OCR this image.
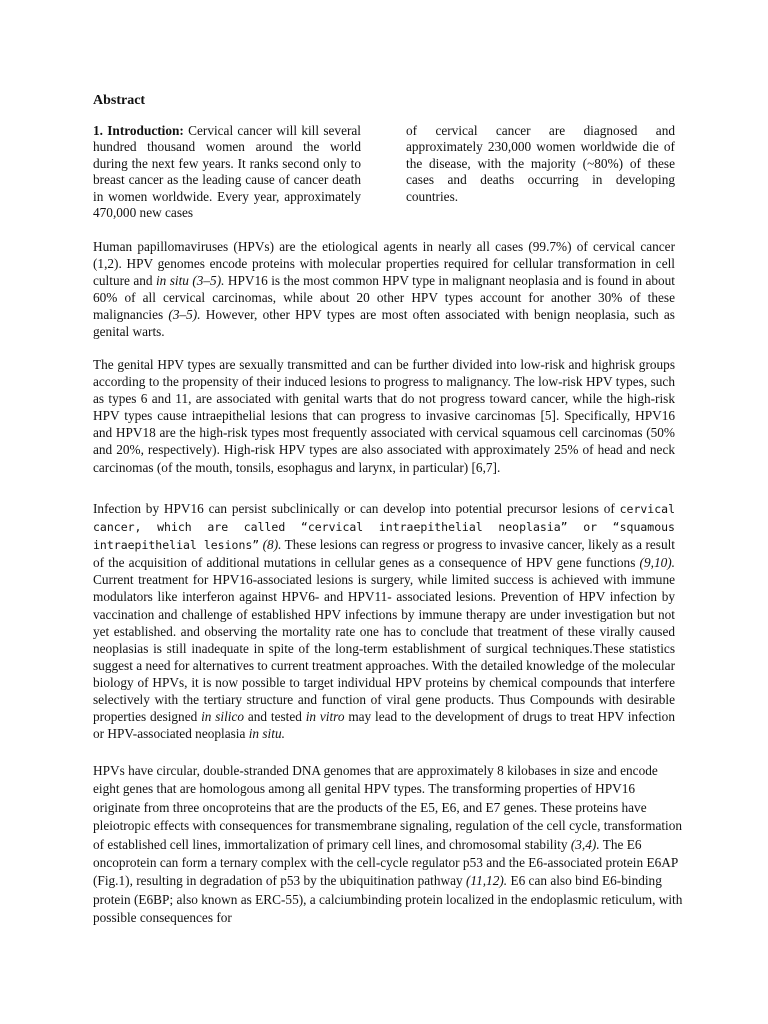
Abstract
1. Introduction: Cervical cancer will kill several hundred thousand women around the world during the next few years. It ranks second only to breast cancer as the leading cause of cancer death in women worldwide. Every year, approximately 470,000 new cases
of cervical cancer are diagnosed and approximately 230,000 women worldwide die of the disease, with the majority (~80%) of these cases and deaths occurring in developing countries.
Human papillomaviruses (HPVs) are the etiological agents in nearly all cases (99.7%) of cervical cancer (1,2). HPV genomes encode proteins with molecular properties required for cellular transformation in cell culture and in situ (3–5). HPV16 is the most common HPV type in malignant neoplasia and is found in about 60% of all cervical carcinomas, while about 20 other HPV types account for another 30% of these malignancies (3–5). However, other HPV types are most often associated with benign neoplasia, such as genital warts.
The genital HPV types are sexually transmitted and can be further divided into low-risk and highrisk groups according to the propensity of their induced lesions to progress to malignancy. The low-risk HPV types, such as types 6 and 11, are associated with genital warts that do not progress toward cancer, while the high-risk HPV types cause intraepithelial lesions that can progress to invasive carcinomas [5]. Specifically, HPV16 and HPV18 are the high-risk types most frequently associated with cervical squamous cell carcinomas (50% and 20%, respectively). High-risk HPV types are also associated with approximately 25% of head and neck carcinomas (of the mouth, tonsils, esophagus and larynx, in particular) [6,7].
Infection by HPV16 can persist subclinically or can develop into potential precursor lesions of cervical cancer, which are called “cervical intraepithelial neoplasia” or “squamous intraepithelial lesions” (8). These lesions can regress or progress to invasive cancer, likely as a result of the acquisition of additional mutations in cellular genes as a consequence of HPV gene functions (9,10). Current treatment for HPV16-associated lesions is surgery, while limited success is achieved with immune modulators like interferon against HPV6- and HPV11- associated lesions. Prevention of HPV infection by vaccination and challenge of established HPV infections by immune therapy are under investigation but not yet established. and observing the mortality rate one has to conclude that treatment of these virally caused neoplasias is still inadequate in spite of the long-term establishment of surgical techniques.These statistics suggest a need for alternatives to current treatment approaches. With the detailed knowledge of the molecular biology of HPVs, it is now possible to target individual HPV proteins by chemical compounds that interfere selectively with the tertiary structure and function of viral gene products. Thus Compounds with desirable properties designed in silico and tested in vitro may lead to the development of drugs to treat HPV infection or HPV-associated neoplasia in situ.
HPVs have circular, double-stranded DNA genomes that are approximately 8 kilobases in size and encode eight genes that are homologous among all genital HPV types. The transforming properties of HPV16 originate from three oncoproteins that are the products of the E5, E6, and E7 genes. These proteins have pleiotropic effects with consequences for transmembrane signaling, regulation of the cell cycle, transformation of established cell lines, immortalization of primary cell lines, and chromosomal stability (3,4). The E6 oncoprotein can form a ternary complex with the cell-cycle regulator p53 and the E6-associated protein E6AP (Fig.1), resulting in degradation of p53 by the ubiquitination pathway (11,12). E6 can also bind E6-binding protein (E6BP; also known as ERC-55), a calciumbinding protein localized in the endoplasmic reticulum, with possible consequences for
